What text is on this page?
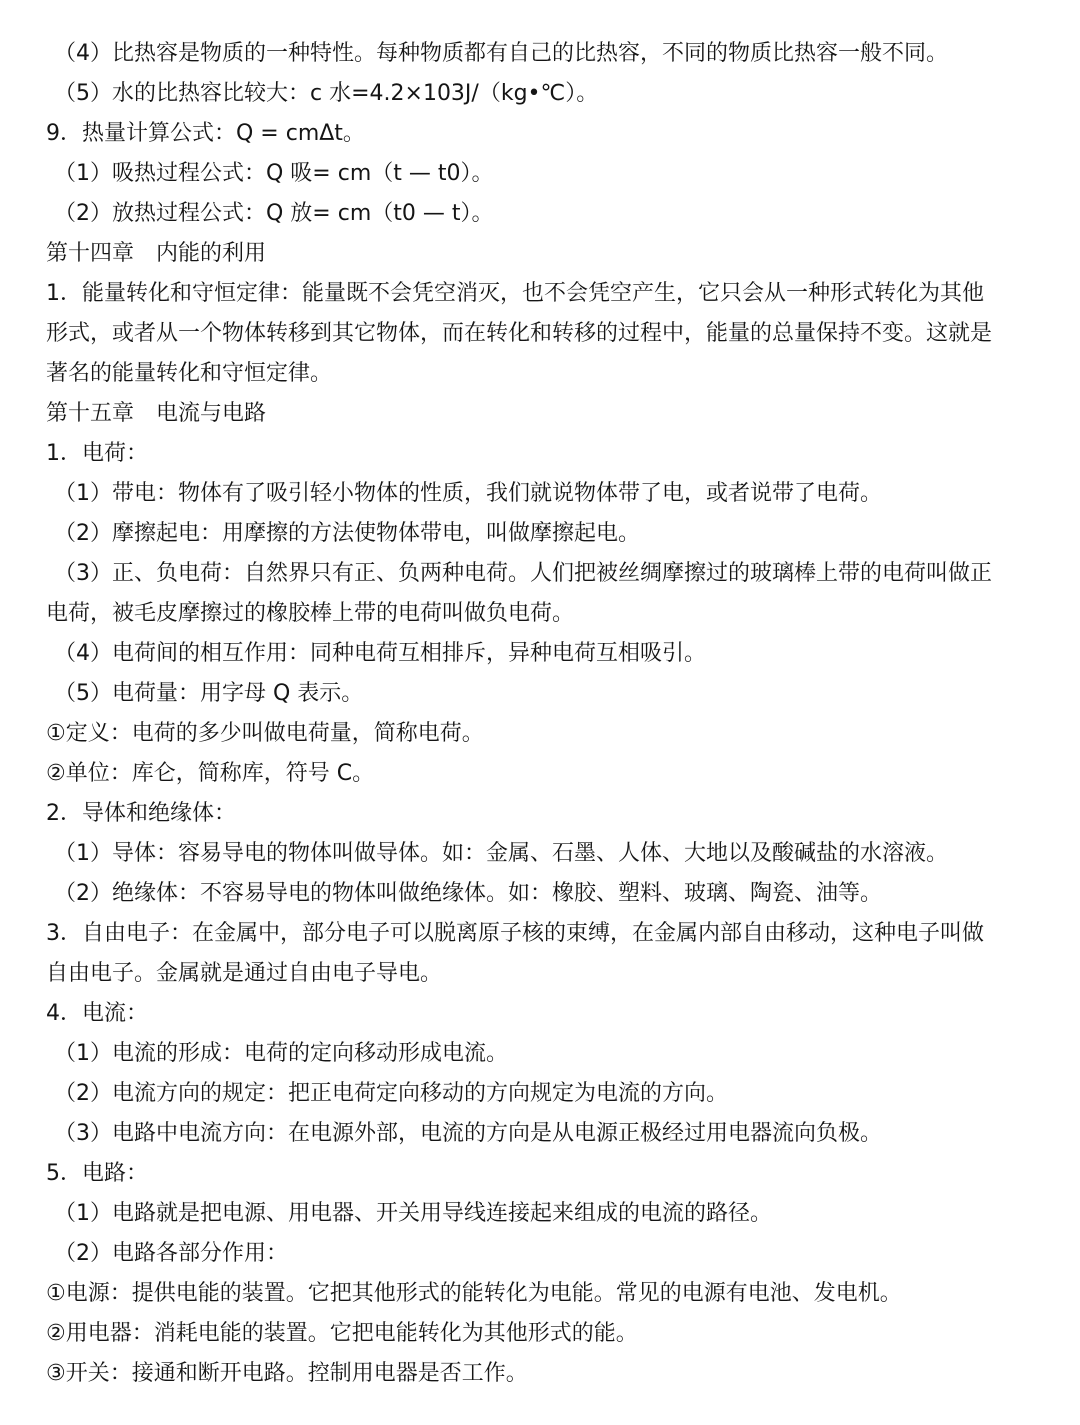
（4）比热容是物质的一种特性。每种物质都有自己的比热容，不同的物质比热容一般不同。
（5）水的比热容比较大：c 水=4.2×103J/（kg•℃）。
9．热量计算公式：Q = cmΔt。
（1）吸热过程公式：Q 吸= cm（t — t0）。
（2）放热过程公式：Q 放= cm（t0 — t）。
第十四章　内能的利用
1．能量转化和守恒定律：能量既不会凭空消灭，也不会凭空产生，它只会从一种形式转化为其他
形式，或者从一个物体转移到其它物体，而在转化和转移的过程中，能量的总量保持不变。这就是
著名的能量转化和守恒定律。
第十五章　电流与电路
1．电荷：
（1）带电：物体有了吸引轻小物体的性质，我们就说物体带了电，或者说带了电荷。
（2）摩擦起电：用摩擦的方法使物体带电，叫做摩擦起电。
（3）正、负电荷：自然界只有正、负两种电荷。人们把被丝绸摩擦过的玻璃棒上带的电荷叫做正
电荷，被毛皮摩擦过的橡胶棒上带的电荷叫做负电荷。
（4）电荷间的相互作用：同种电荷互相排斥，异种电荷互相吸引。
（5）电荷量：用字母 Q 表示。
①定义：电荷的多少叫做电荷量，简称电荷。
②单位：库仑，简称库，符号 C。
2．导体和绝缘体：
（1）导体：容易导电的物体叫做导体。如：金属、石墨、人体、大地以及酸碱盐的水溶液。
（2）绝缘体：不容易导电的物体叫做绝缘体。如：橡胶、塑料、玻璃、陶瓷、油等。
3．自由电子：在金属中，部分电子可以脱离原子核的束缚，在金属内部自由移动，这种电子叫做
自由电子。金属就是通过自由电子导电。
4．电流：
（1）电流的形成：电荷的定向移动形成电流。
（2）电流方向的规定：把正电荷定向移动的方向规定为电流的方向。
（3）电路中电流方向：在电源外部，电流的方向是从电源正极经过用电器流向负极。
5．电路：
（1）电路就是把电源、用电器、开关用导线连接起来组成的电流的路径。
（2）电路各部分作用：
①电源：提供电能的装置。它把其他形式的能转化为电能。常见的电源有电池、发电机。
②用电器：消耗电能的装置。它把电能转化为其他形式的能。
③开关：接通和断开电路。控制用电器是否工作。
